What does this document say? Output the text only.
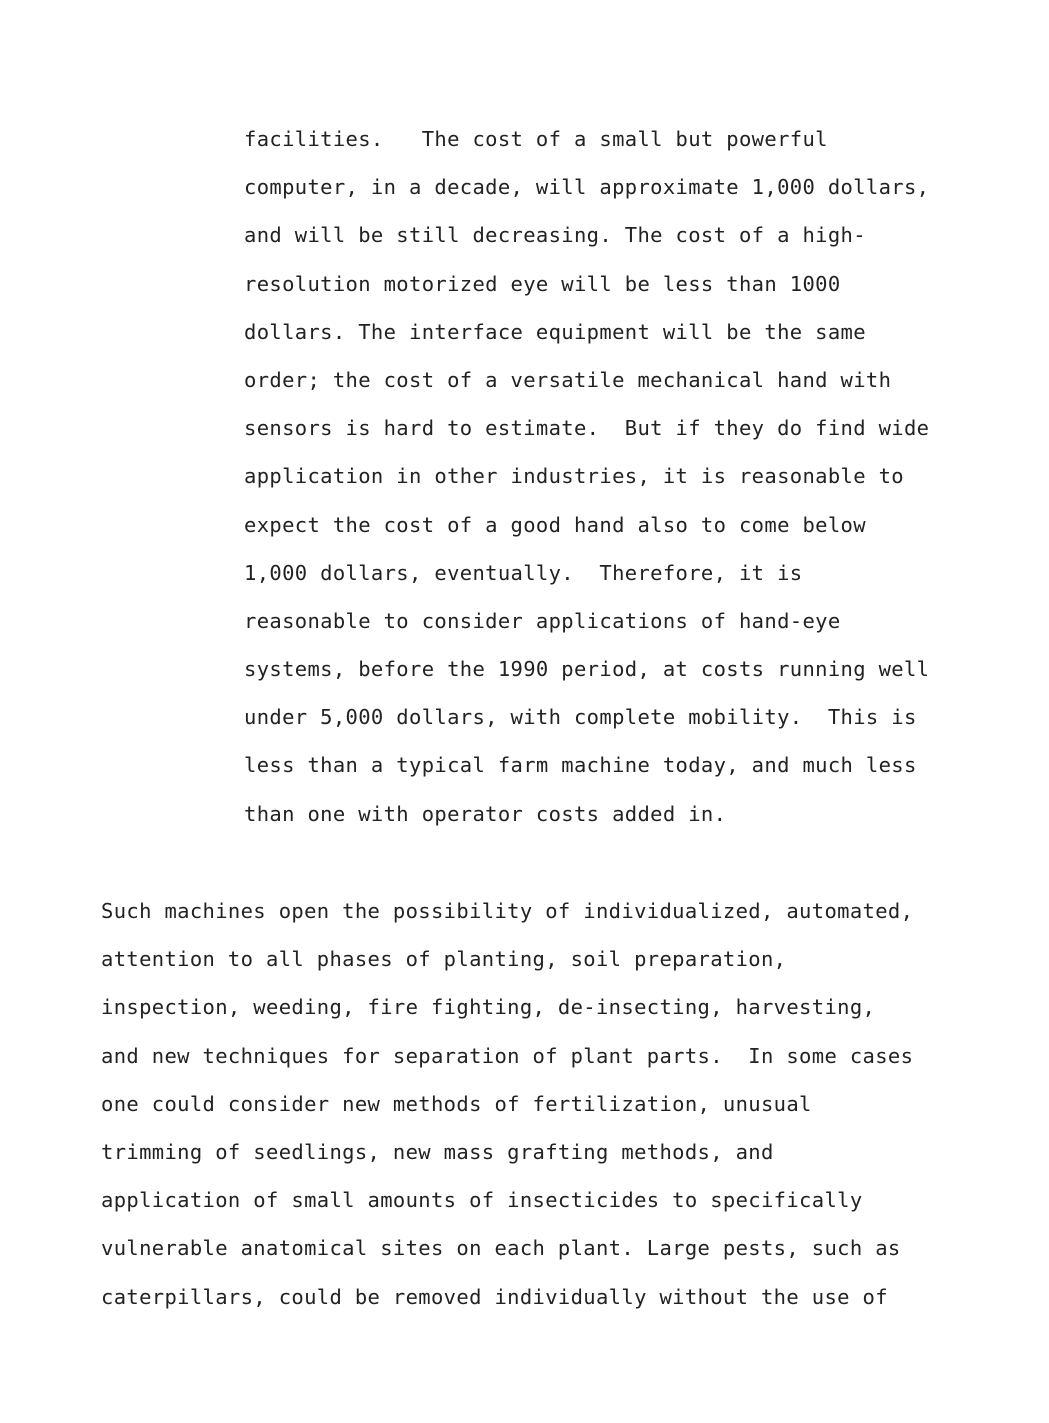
facilities.   The cost of a small but powerful
computer, in a decade, will approximate 1,000 dollars,
and will be still decreasing. The cost of a high-
resolution motorized eye will be less than 1000
dollars. The interface equipment will be the same
order; the cost of a versatile mechanical hand with
sensors is hard to estimate.  But if they do find wide
application in other industries, it is reasonable to
expect the cost of a good hand also to come below
1,000 dollars, eventually.  Therefore, it is
reasonable to consider applications of hand-eye
systems, before the 1990 period, at costs running well
under 5,000 dollars, with complete mobility.  This is
less than a typical farm machine today, and much less
than one with operator costs added in.
Such machines open the possibility of individualized, automated,
attention to all phases of planting, soil preparation,
inspection, weeding, fire fighting, de-insecting, harvesting,
and new techniques for separation of plant parts.  In some cases
one could consider new methods of fertilization, unusual
trimming of seedlings, new mass grafting methods, and
application of small amounts of insecticides to specifically
vulnerable anatomical sites on each plant. Large pests, such as
caterpillars, could be removed individually without the use of
